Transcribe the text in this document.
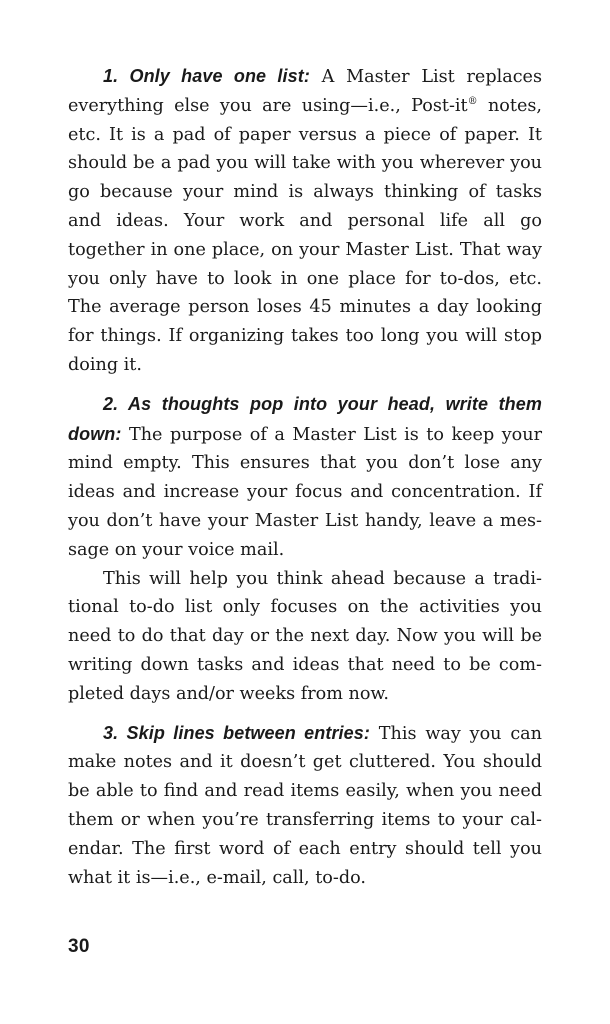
1. Only have one list: A Master List replaces everything else you are using—i.e., Post-it® notes, etc. It is a pad of paper versus a piece of paper. It should be a pad you will take with you wherever you go because your mind is always thinking of tasks and ideas. Your work and personal life all go together in one place, on your Master List. That way you only have to look in one place for to-dos, etc. The average person loses 45 minutes a day looking for things. If organizing takes too long you will stop doing it.

2. As thoughts pop into your head, write them down: The purpose of a Master List is to keep your mind empty. This ensures that you don’t lose any ideas and increase your focus and concentration. If you don’t have your Master List handy, leave a message on your voice mail.

This will help you think ahead because a traditional to-do list only focuses on the activities you need to do that day or the next day. Now you will be writing down tasks and ideas that need to be completed days and/or weeks from now.

3. Skip lines between entries: This way you can make notes and it doesn’t get cluttered. You should be able to find and read items easily, when you need them or when you’re transferring items to your calendar. The first word of each entry should tell you what it is—i.e., e-mail, call, to-do.

30
